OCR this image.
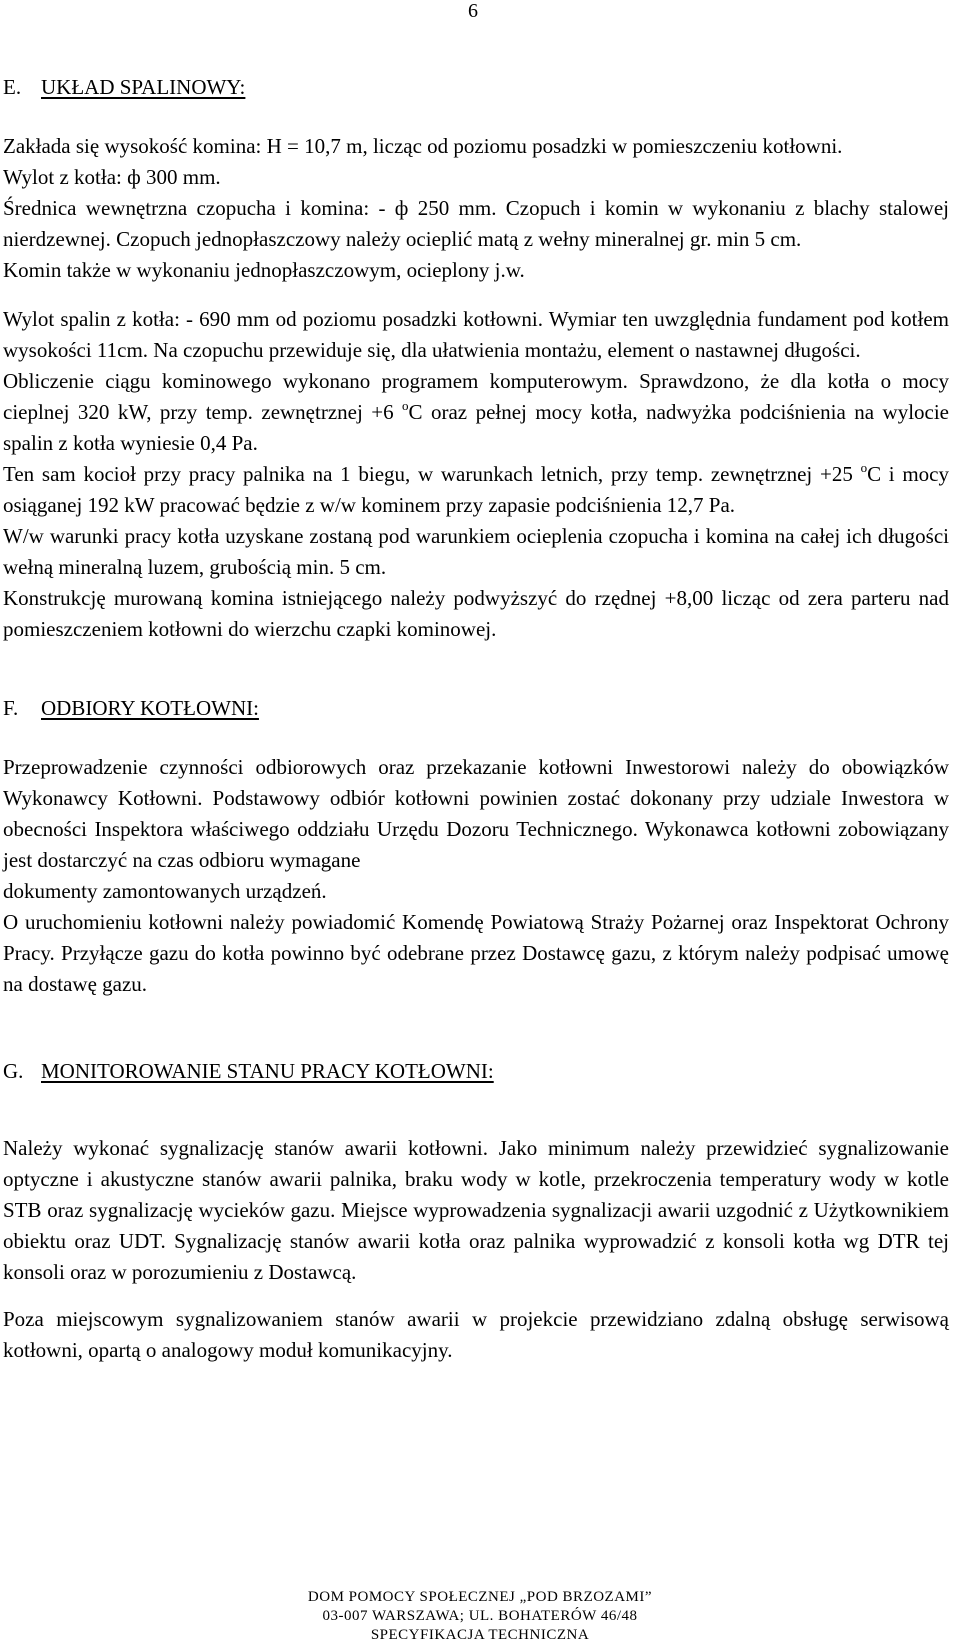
6
E. UKŁAD SPALINOWY:
Zakłada się wysokość komina: H = 10,7 m, licząc od poziomu posadzki w pomieszczeniu kotłowni.
Wylot z kotła: ф 300 mm.
Średnica wewnętrzna czopucha i komina: - ф 250 mm. Czopuch i komin w wykonaniu z blachy stalowej nierdzewnej. Czopuch jednopłaszczowy należy ocieplić matą z wełny mineralnej gr. min 5 cm.
Komin także w wykonaniu jednopłaszczowym, ocieplony j.w.
Wylot spalin z kotła: - 690 mm od poziomu posadzki kotłowni. Wymiar ten uwzględnia fundament pod kotłem wysokości 11cm. Na czopuchu przewiduje się, dla ułatwienia montażu, element o nastawnej długości.
Obliczenie ciągu kominowego wykonano programem komputerowym. Sprawdzono, że dla kotła o mocy cieplnej 320 kW, przy temp. zewnętrznej +6 $^o$C oraz pełnej mocy kotła, nadwyżka podciśnienia na wylocie spalin z kotła wyniesie 0,4 Pa.
Ten sam kocioł przy pracy palnika na 1 biegu, w warunkach letnich, przy temp. zewnętrznej +25 $^o$C i mocy osiąganej 192 kW pracować będzie z w/w kominem przy zapasie podciśnienia 12,7 Pa.
W/w warunki pracy kotła uzyskane zostaną pod warunkiem ocieplenia czopucha i komina na całej ich długości wełną mineralną luzem, grubością min. 5 cm.
Konstrukcję murowaną komina istniejącego należy podwyższyć do rzędnej +8,00 licząc od zera parteru nad pomieszczeniem kotłowni do wierzchu czapki kominowej.
F. ODBIORY KOTŁOWNI:
Przeprowadzenie czynności odbiorowych oraz przekazanie kotłowni Inwestorowi należy do obowiązków Wykonawcy Kotłowni. Podstawowy odbiór kotłowni powinien zostać dokonany przy udziale Inwestora w obecności Inspektora właściwego oddziału Urzędu Dozoru Technicznego. Wykonawca kotłowni zobowiązany jest dostarczyć na czas odbioru wymagane
dokumenty zamontowanych urządzeń.
O uruchomieniu kotłowni należy powiadomić Komendę Powiatową Straży Pożarnej oraz Inspektorat Ochrony Pracy. Przyłącze gazu do kotła powinno być odebrane przez Dostawcę gazu, z którym należy podpisać umowę na dostawę gazu.
G. MONITOROWANIE STANU PRACY KOTŁOWNI:
Należy wykonać sygnalizację stanów awarii kotłowni. Jako minimum należy przewidzieć sygnalizowanie optyczne i akustyczne stanów awarii palnika, braku wody w kotle, przekroczenia temperatury wody w kotle STB oraz sygnalizację wycieków gazu. Miejsce wyprowadzenia sygnalizacji awarii uzgodnić z Użytkownikiem obiektu oraz UDT. Sygnalizację stanów awarii kotła oraz palnika wyprowadzić z konsoli kotła wg DTR tej konsoli oraz w porozumieniu z Dostawcą.
Poza miejscowym sygnalizowaniem stanów awarii w projekcie przewidziano zdalną obsługę serwisową kotłowni, opartą o analogowy moduł komunikacyjny.
DOM POMOCY SPOŁECZNEJ „POD BRZOZAMI”
03-007 WARSZAWA; UL. BOHATERÓW 46/48
SPECYFIKACJA TECHNICZNA
